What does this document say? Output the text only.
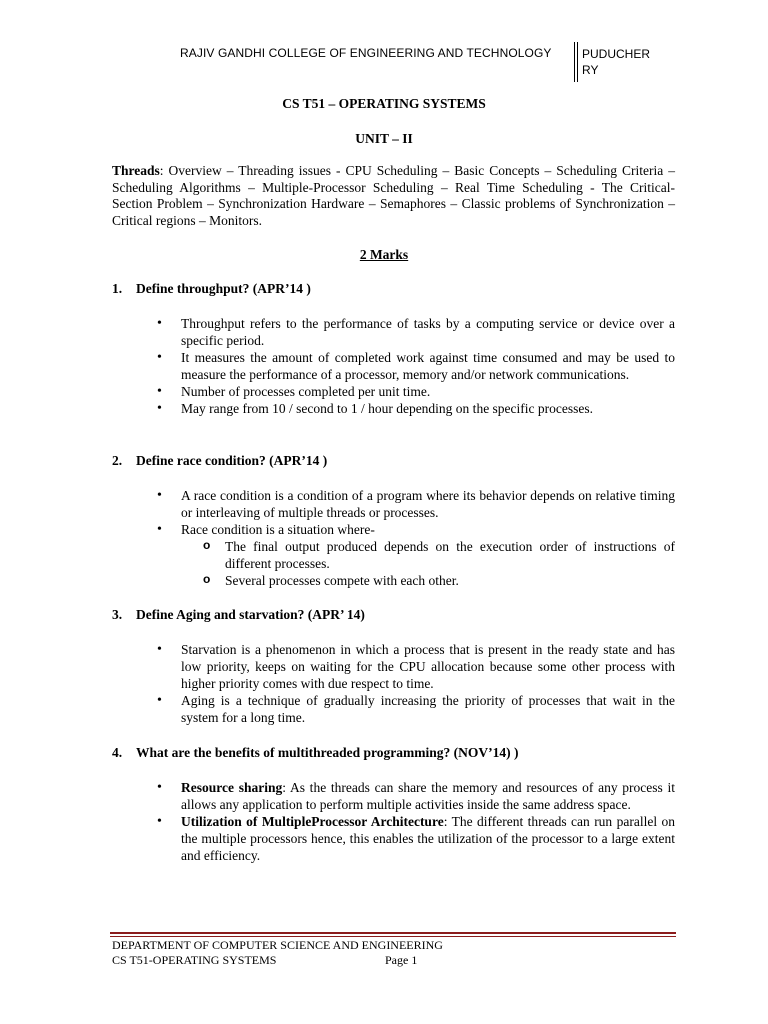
RAJIV GANDHI COLLEGE OF ENGINEERING AND TECHNOLOGY	PUDUCHERRY
CS T51 – OPERATING SYSTEMS
UNIT – II
Threads: Overview – Threading issues - CPU Scheduling – Basic Concepts – Scheduling Criteria – Scheduling Algorithms – Multiple-Processor Scheduling – Real Time Scheduling - The Critical- Section Problem – Synchronization Hardware – Semaphores – Classic problems of Synchronization – Critical regions – Monitors.
2 Marks
1. Define throughput? (APR’14 )
• Throughput refers to the performance of tasks by a computing service or device over a specific period.
• It measures the amount of completed work against time consumed and may be used to measure the performance of a processor, memory and/or network communications.
• Number of processes completed per unit time.
• May range from 10 / second to 1 / hour depending on the specific processes.
2. Define race condition? (APR’14 )
• A race condition is a condition of a program where its behavior depends on relative timing or interleaving of multiple threads or processes.
• Race condition is a situation where-
o The final output produced depends on the execution order of instructions of different processes.
o Several processes compete with each other.
3. Define Aging and starvation? (APR’ 14)
• Starvation is a phenomenon in which a process that is present in the ready state and has low priority, keeps on waiting for the CPU allocation because some other process with higher priority comes with due respect to time.
• Aging is a technique of gradually increasing the priority of processes that wait in the system for a long time.
4. What are the benefits of multithreaded programming? (NOV’14) )
• Resource sharing: As the threads can share the memory and resources of any process it allows any application to perform multiple activities inside the same address space.
• Utilization of MultipleProcessor Architecture: The different threads can run parallel on the multiple processors hence, this enables the utilization of the processor to a large extent and efficiency.
DEPARTMENT OF COMPUTER SCIENCE AND ENGINEERING
CS T51-OPERATING SYSTEMS	Page 1
